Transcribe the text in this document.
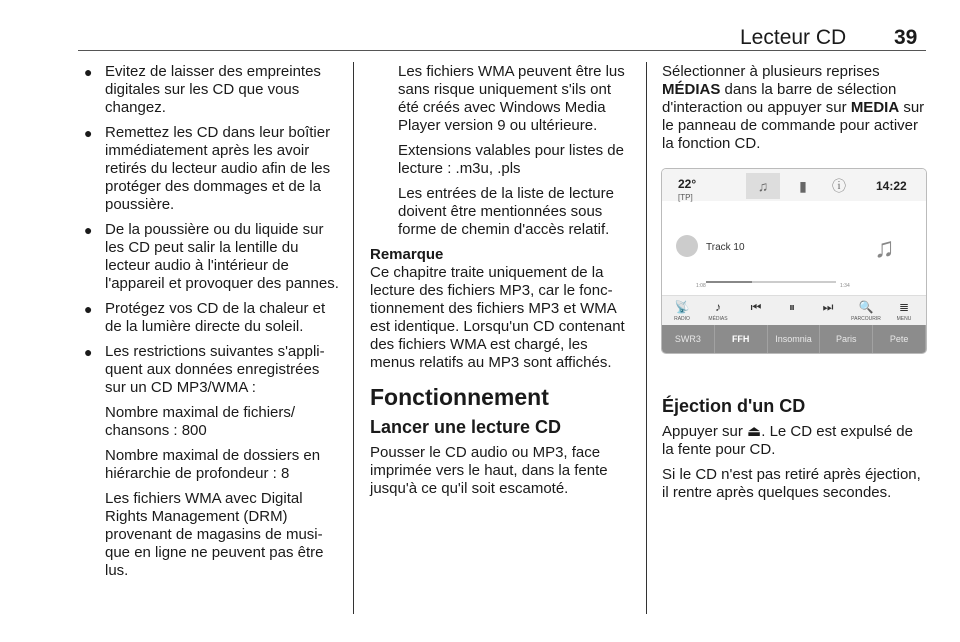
Lecteur CD 39
● Evitez de laisser des empreintes digitales sur les CD que vous changez.
● Remettez les CD dans leur boîtier immédiatement après les avoir retirés du lecteur audio afin de les protéger des dommages et de la poussière.
● De la poussière ou du liquide sur les CD peut salir la lentille du lecteur audio à l'intérieur de l'appareil et provoquer des pannes.
● Protégez vos CD de la chaleur et de la lumière directe du soleil.
● Les restrictions suivantes s'appliquent aux données enregistrées sur un CD MP3/WMA :
Nombre maximal de fichiers/ chansons : 800
Nombre maximal de dossiers en hiérarchie de profondeur : 8
Les fichiers WMA avec Digital Rights Management (DRM) provenant de magasins de musique en ligne ne peuvent pas être lus.
Les fichiers WMA peuvent être lus sans risque uniquement s'ils ont été créés avec Windows Media Player version 9 ou ultérieure.
Extensions valables pour listes de lecture : .m3u, .pls
Les entrées de la liste de lecture doivent être mentionnées sous forme de chemin d'accès relatif.
Remarque
Ce chapitre traite uniquement de la lecture des fichiers MP3, car le fonctionnement des fichiers MP3 et WMA est identique. Lorsqu'un CD contenant des fichiers WMA est chargé, les menus relatifs au MP3 sont affichés.
Fonctionnement
Lancer une lecture CD
Pousser le CD audio ou MP3, face imprimée vers le haut, dans la fente jusqu'à ce qu'il soit escamoté.
Sélectionner à plusieurs reprises MÉDIAS dans la barre de sélection d'interaction ou appuyer sur MEDIA sur le panneau de commande pour activer la fonction CD.
22°
[TP]
♫	▮	ⓘ	14:22
Track 10	♫
1:08	1:34
📡
RADIO
♪
MÉDIAS
⏮	⏸	⏭	🔍
PARCOURIR
≣
MENU
SWR3	FFH	Insomnia	Paris	Pete
Éjection d'un CD
Appuyer sur ⏏. Le CD est expulsé de la fente pour CD.
Si le CD n'est pas retiré après éjection, il rentre après quelques secondes.
